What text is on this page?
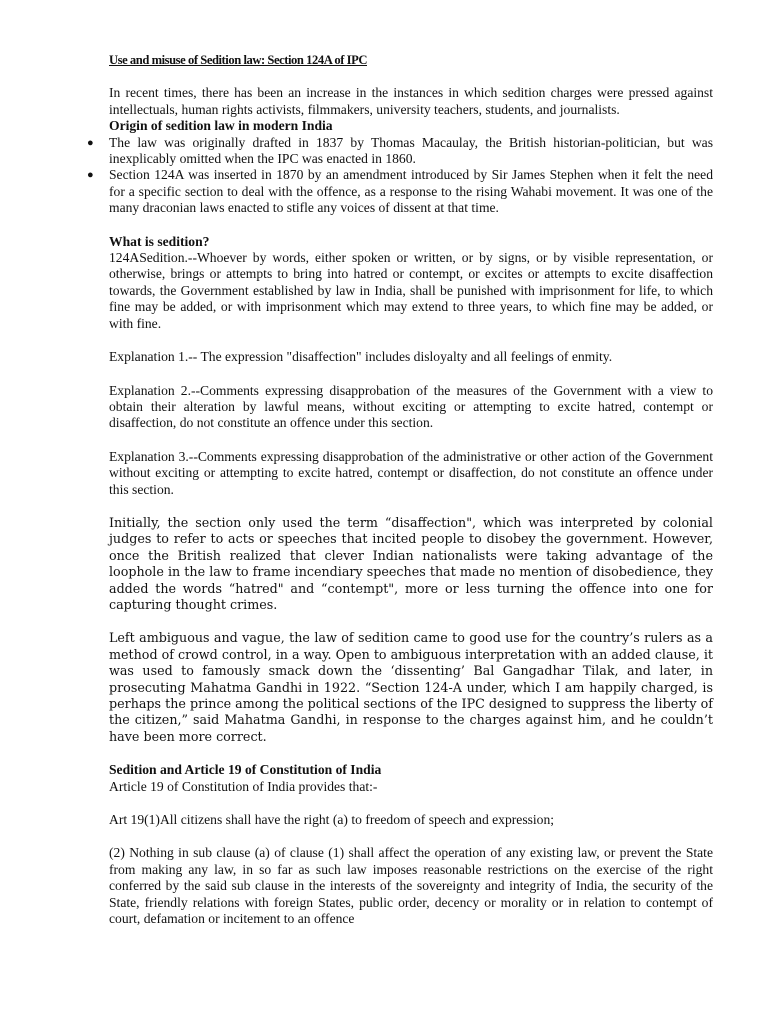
Use and misuse of Sedition law: Section 124A of IPC

In recent times, there has been an increase in the instances in which sedition charges were pressed against intellectuals, human rights activists, filmmakers, university teachers, students, and journalists.

Origin of sedition law in modern India

● The law was originally drafted in 1837 by Thomas Macaulay, the British historian-politician, but was inexplicably omitted when the IPC was enacted in 1860.
● Section 124A was inserted in 1870 by an amendment introduced by Sir James Stephen when it felt the need for a specific section to deal with the offence, as a response to the rising Wahabi movement. It was one of the many draconian laws enacted to stifle any voices of dissent at that time.

What is sedition?

124ASedition.--Whoever by words, either spoken or written, or by signs, or by visible representation, or otherwise, brings or attempts to bring into hatred or contempt, or excites or attempts to excite disaffection towards, the Government established by law in India, shall be punished with imprisonment for life, to which fine may be added, or with imprisonment which may extend to three years, to which fine may be added, or with fine.

Explanation 1.-- The expression "disaffection" includes disloyalty and all feelings of enmity.

Explanation 2.--Comments expressing disapprobation of the measures of the Government with a view to obtain their alteration by lawful means, without exciting or attempting to excite hatred, contempt or disaffection, do not constitute an offence under this section.

Explanation 3.--Comments expressing disapprobation of the administrative or other action of the Government without exciting or attempting to excite hatred, contempt or disaffection, do not constitute an offence under this section.

Initially, the section only used the term “disaffection", which was interpreted by colonial judges to refer to acts or speeches that incited people to disobey the government. However, once the British realized that clever Indian nationalists were taking advantage of the loophole in the law to frame incendiary speeches that made no mention of disobedience, they added the words “hatred" and “contempt", more or less turning the offence into one for capturing thought crimes.

Left ambiguous and vague, the law of sedition came to good use for the country’s rulers as a method of crowd control, in a way. Open to ambiguous interpretation with an added clause, it was used to famously smack down the ‘dissenting’ Bal Gangadhar Tilak, and later, in prosecuting Mahatma Gandhi in 1922. “Section 124-A under, which I am happily charged, is perhaps the prince among the political sections of the IPC designed to suppress the liberty of the citizen,” said Mahatma Gandhi, in response to the charges against him, and he couldn’t have been more correct.

Sedition and Article 19 of Constitution of India

Article 19 of Constitution of India provides that:-

Art 19(1)All citizens shall have the right (a) to freedom of speech and expression;

(2) Nothing in sub clause (a) of clause (1) shall affect the operation of any existing law, or prevent the State from making any law, in so far as such law imposes reasonable restrictions on the exercise of the right conferred by the said sub clause in the interests of the sovereignty and integrity of India, the security of the State, friendly relations with foreign States, public order, decency or morality or in relation to contempt of court, defamation or incitement to an offence
